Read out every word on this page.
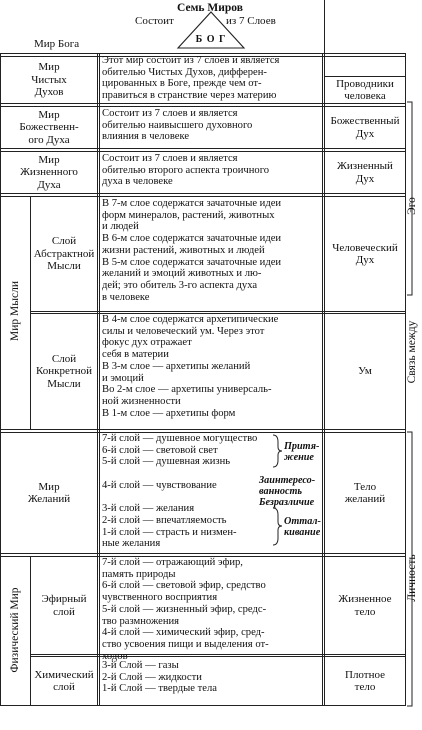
Семь Миров
Состоит	из 7 Слоев
Б О Г
Мир Бога
Мир
Чистых
Духов
Этот мир состоит из 7 слоев и является
обителью Чистых Духов, дифферен-
цированных в Боге, прежде чем от-
правиться в странствие через материю
Проводники
человека
Мир
Божественн-
ого Духа
Состоит из 7 слоев и является
обителью наивысшего духовного
влияния в человеке
Божественный
Дух
Мир
Жизненного
Духа
Состоит из 7 слоев и является
обителью второго аспекта троичного
духа в человеке
Жизненный
Дух
Мир Мысли
Слой
Абстрактной
Мысли
В 7-м слое содержатся зачаточные идеи
форм минералов, растений, животных
и людей
В 6-м слое содержатся зачаточные идеи
жизни растений, животных и людей
В 5-м слое содержатся зачаточные идеи
желаний и эмоций животных и лю-
дей; это обитель 3-го аспекта духа
в человеке
Человеческий
Дух
Слой
Конкретной
Мысли
В 4-м слое содержатся архетипические
силы и человеческий ум. Через этот
фокус дух отражает
себя в материи
В 3-м слое — архетипы желаний
и эмоций
Во 2-м слое — архетипы универсаль-
ной жизненности
В 1-м слое — архетипы форм
Ум
Мир
Желаний
7-й слой — душевное могущество
6-й слой — световой свет
5-й слой — душевная жизнь

4-й слой — чувствование

3-й слой — желания
2-й слой — впечатляемость
1-й слой — страсть и низмен-
ные желания
Тело
желаний
Притя-
жение
Заинтересо-
ванность
Безразличие
Оттал-
кивание
Физический Мир	Эфирный
слой
7-й слой — отражающий эфир,
память природы
6-й слой — световой эфир, средство
чувственного восприятия
5-й слой — жизненный эфир, средс-
тво размножения
4-й слой — химический эфир, сред-
ство усвоения пищи и выделения от-
ходов
Жизненное
тело
Химический
слой
3-й Слой — газы
2-й Слой — жидкости
1-й Слой — твердые тела
Плотное
тело
Эго
Связь между
Личность
